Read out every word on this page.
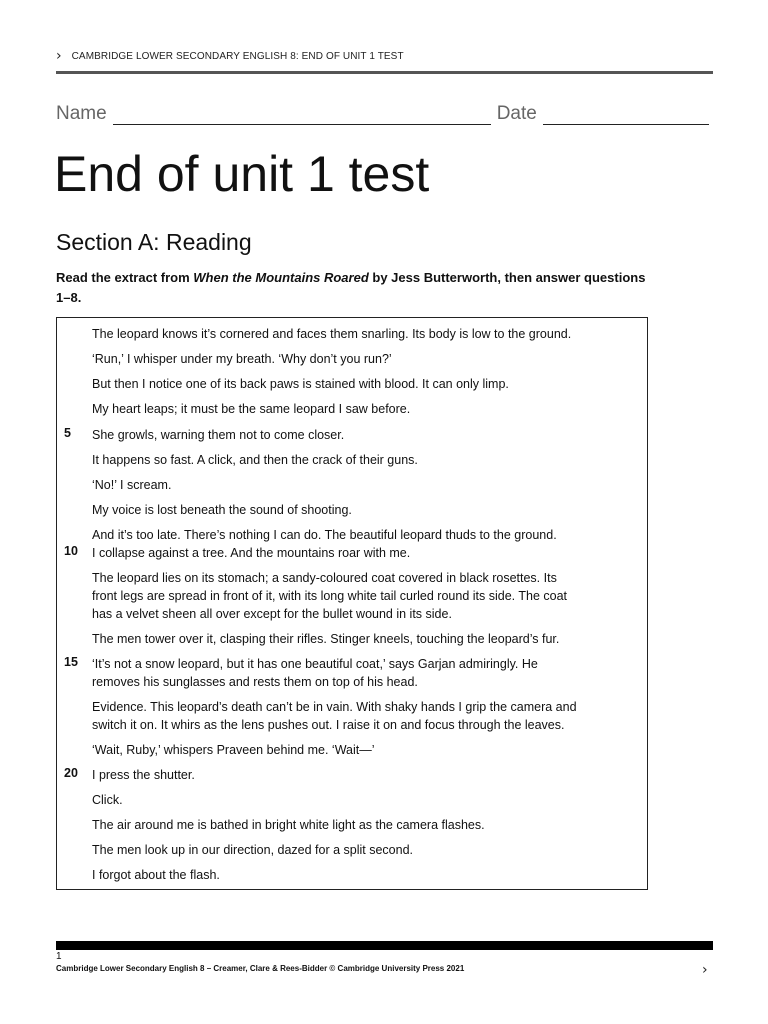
› CAMBRIDGE LOWER SECONDARY ENGLISH 8: END OF UNIT 1 TEST
Name	Date
End of unit 1 test
Section A: Reading
Read the extract from When the Mountains Roared by Jess Butterworth, then answer questions 1–8.
The leopard knows it’s cornered and faces them snarling. Its body is low to the ground.
‘Run,’ I whisper under my breath. ‘Why don’t you run?’
But then I notice one of its back paws is stained with blood. It can only limp.
My heart leaps; it must be the same leopard I saw before.
5 She growls, warning them not to come closer.
It happens so fast. A click, and then the crack of their guns.
‘No!’ I scream.
My voice is lost beneath the sound of shooting.
And it’s too late. There’s nothing I can do. The beautiful leopard thuds to the ground.
10 I collapse against a tree. And the mountains roar with me.
The leopard lies on its stomach; a sandy-coloured coat covered in black rosettes. Its
front legs are spread in front of it, with its long white tail curled round its side. The coat
has a velvet sheen all over except for the bullet wound in its side.
The men tower over it, clasping their rifles. Stinger kneels, touching the leopard’s fur.
15 ‘It’s not a snow leopard, but it has one beautiful coat,’ says Garjan admiringly. He
removes his sunglasses and rests them on top of his head.
Evidence. This leopard’s death can’t be in vain. With shaky hands I grip the camera and
switch it on. It whirs as the lens pushes out. I raise it on and focus through the leaves.
‘Wait, Ruby,’ whispers Praveen behind me. ‘Wait—’
20 I press the shutter.
Click.
The air around me is bathed in bright white light as the camera flashes.
The men look up in our direction, dazed for a split second.
I forgot about the flash.
1
Cambridge Lower Secondary English 8 – Creamer, Clare & Rees-Bidder © Cambridge University Press 2021	›
